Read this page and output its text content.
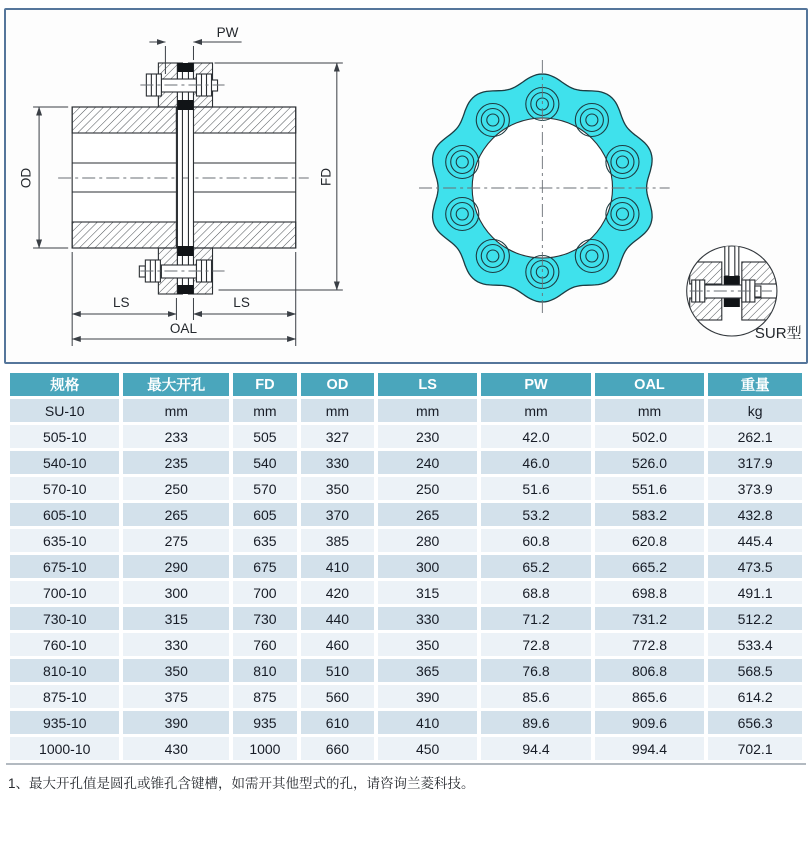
PW
OD	FD
LS	LS
OAL	SUR型
规格	最大开孔	FD	OD	LS	PW	OAL	重量
SU-10	mm	mm	mm	mm	mm	mm	kg
505-10	233	505	327	230	42.0	502.0	262.1
540-10	235	540	330	240	46.0	526.0	317.9
570-10	250	570	350	250	51.6	551.6	373.9
605-10	265	605	370	265	53.2	583.2	432.8
635-10	275	635	385	280	60.8	620.8	445.4
675-10	290	675	410	300	65.2	665.2	473.5
700-10	300	700	420	315	68.8	698.8	491.1
730-10	315	730	440	330	71.2	731.2	512.2
760-10	330	760	460	350	72.8	772.8	533.4
810-10	350	810	510	365	76.8	806.8	568.5
875-10	375	875	560	390	85.6	865.6	614.2
935-10	390	935	610	410	89.6	909.6	656.3
1000-10	430	1000	660	450	94.4	994.4	702.1
1、最大开孔值是圆孔或锥孔含键槽，如需开其他型式的孔，请咨询兰菱科技。
